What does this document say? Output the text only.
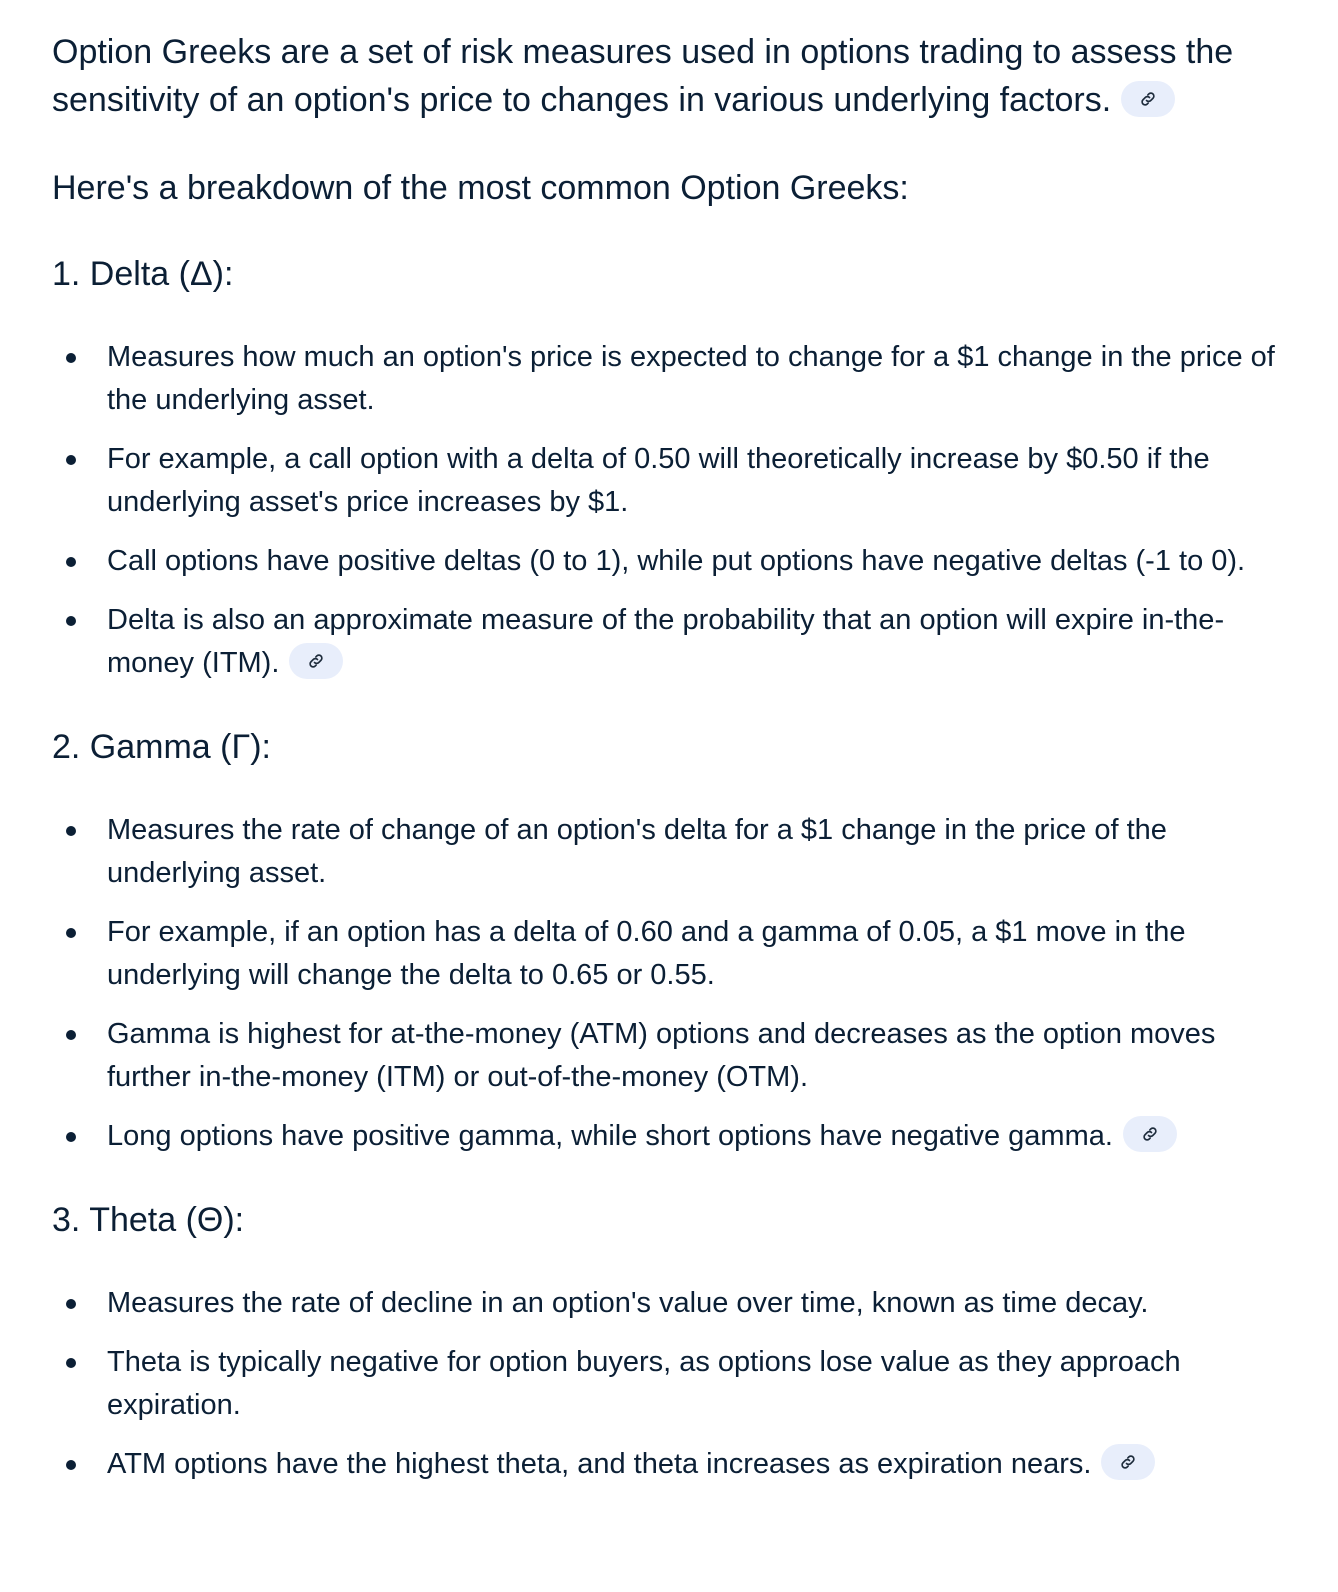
Option Greeks are a set of risk measures used in options trading to assess the sensitivity of an option's price to changes in various underlying factors.

Here's a breakdown of the most common Option Greeks:

1. Delta (Δ):
Measures how much an option's price is expected to change for a $1 change in the price of the underlying asset.
For example, a call option with a delta of 0.50 will theoretically increase by $0.50 if the underlying asset's price increases by $1.
Call options have positive deltas (0 to 1), while put options have negative deltas (-1 to 0).
Delta is also an approximate measure of the probability that an option will expire in-the-money (ITM).
2. Gamma (Γ):
Measures the rate of change of an option's delta for a $1 change in the price of the underlying asset.
For example, if an option has a delta of 0.60 and a gamma of 0.05, a $1 move in the underlying will change the delta to 0.65 or 0.55.
Gamma is highest for at-the-money (ATM) options and decreases as the option moves further in-the-money (ITM) or out-of-the-money (OTM).
Long options have positive gamma, while short options have negative gamma.
3. Theta (Θ):
Measures the rate of decline in an option's value over time, known as time decay.
Theta is typically negative for option buyers, as options lose value as they approach expiration.
ATM options have the highest theta, and theta increases as expiration nears.
